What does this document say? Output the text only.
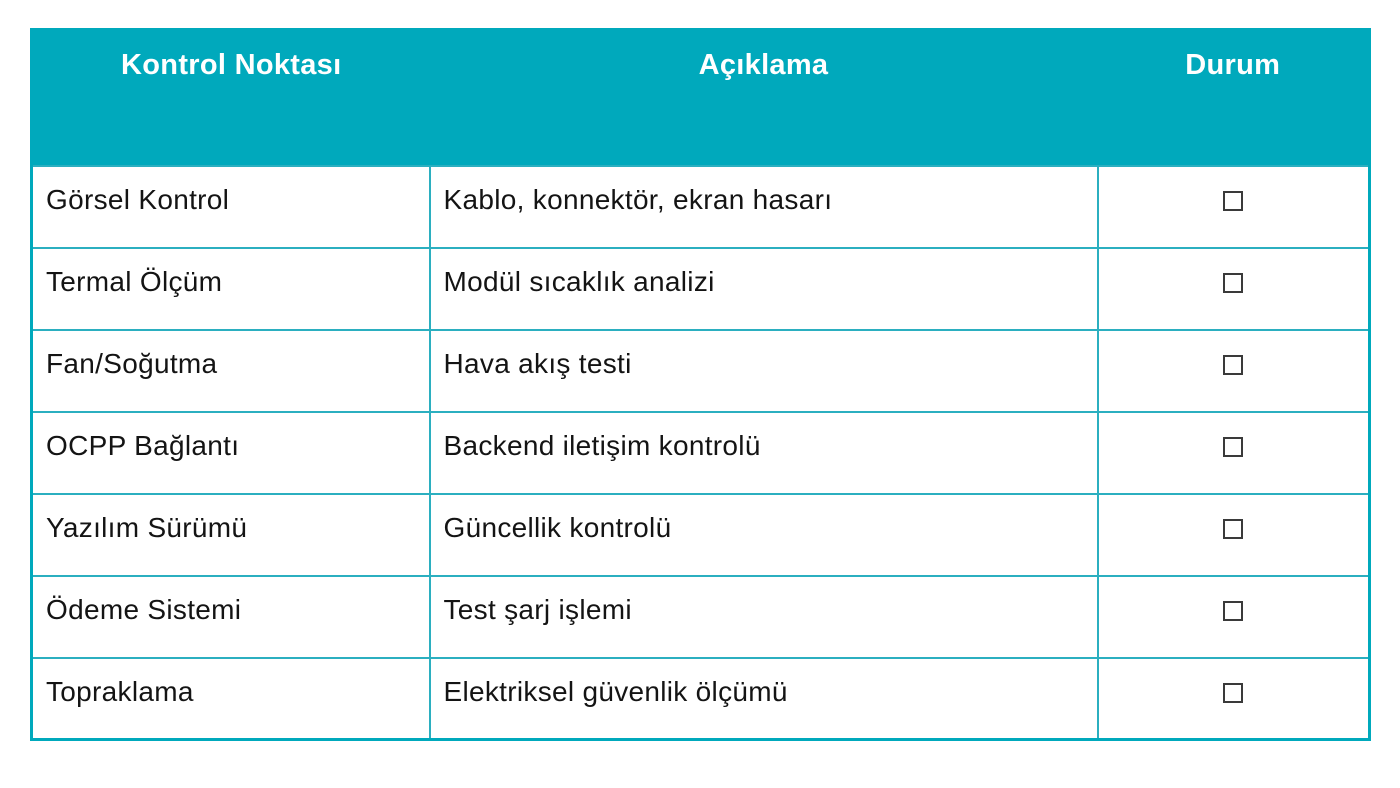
Kontrol Noktası	Açıklama	Durum
Görsel Kontrol	Kablo, konnektör, ekran hasarı	
Termal Ölçüm	Modül sıcaklık analizi	
Fan/Soğutma	Hava akış testi	
OCPP Bağlantı	Backend iletişim kontrolü	
Yazılım Sürümü	Güncellik kontrolü	
Ödeme Sistemi	Test şarj işlemi	
Topraklama	Elektriksel güvenlik ölçümü	
